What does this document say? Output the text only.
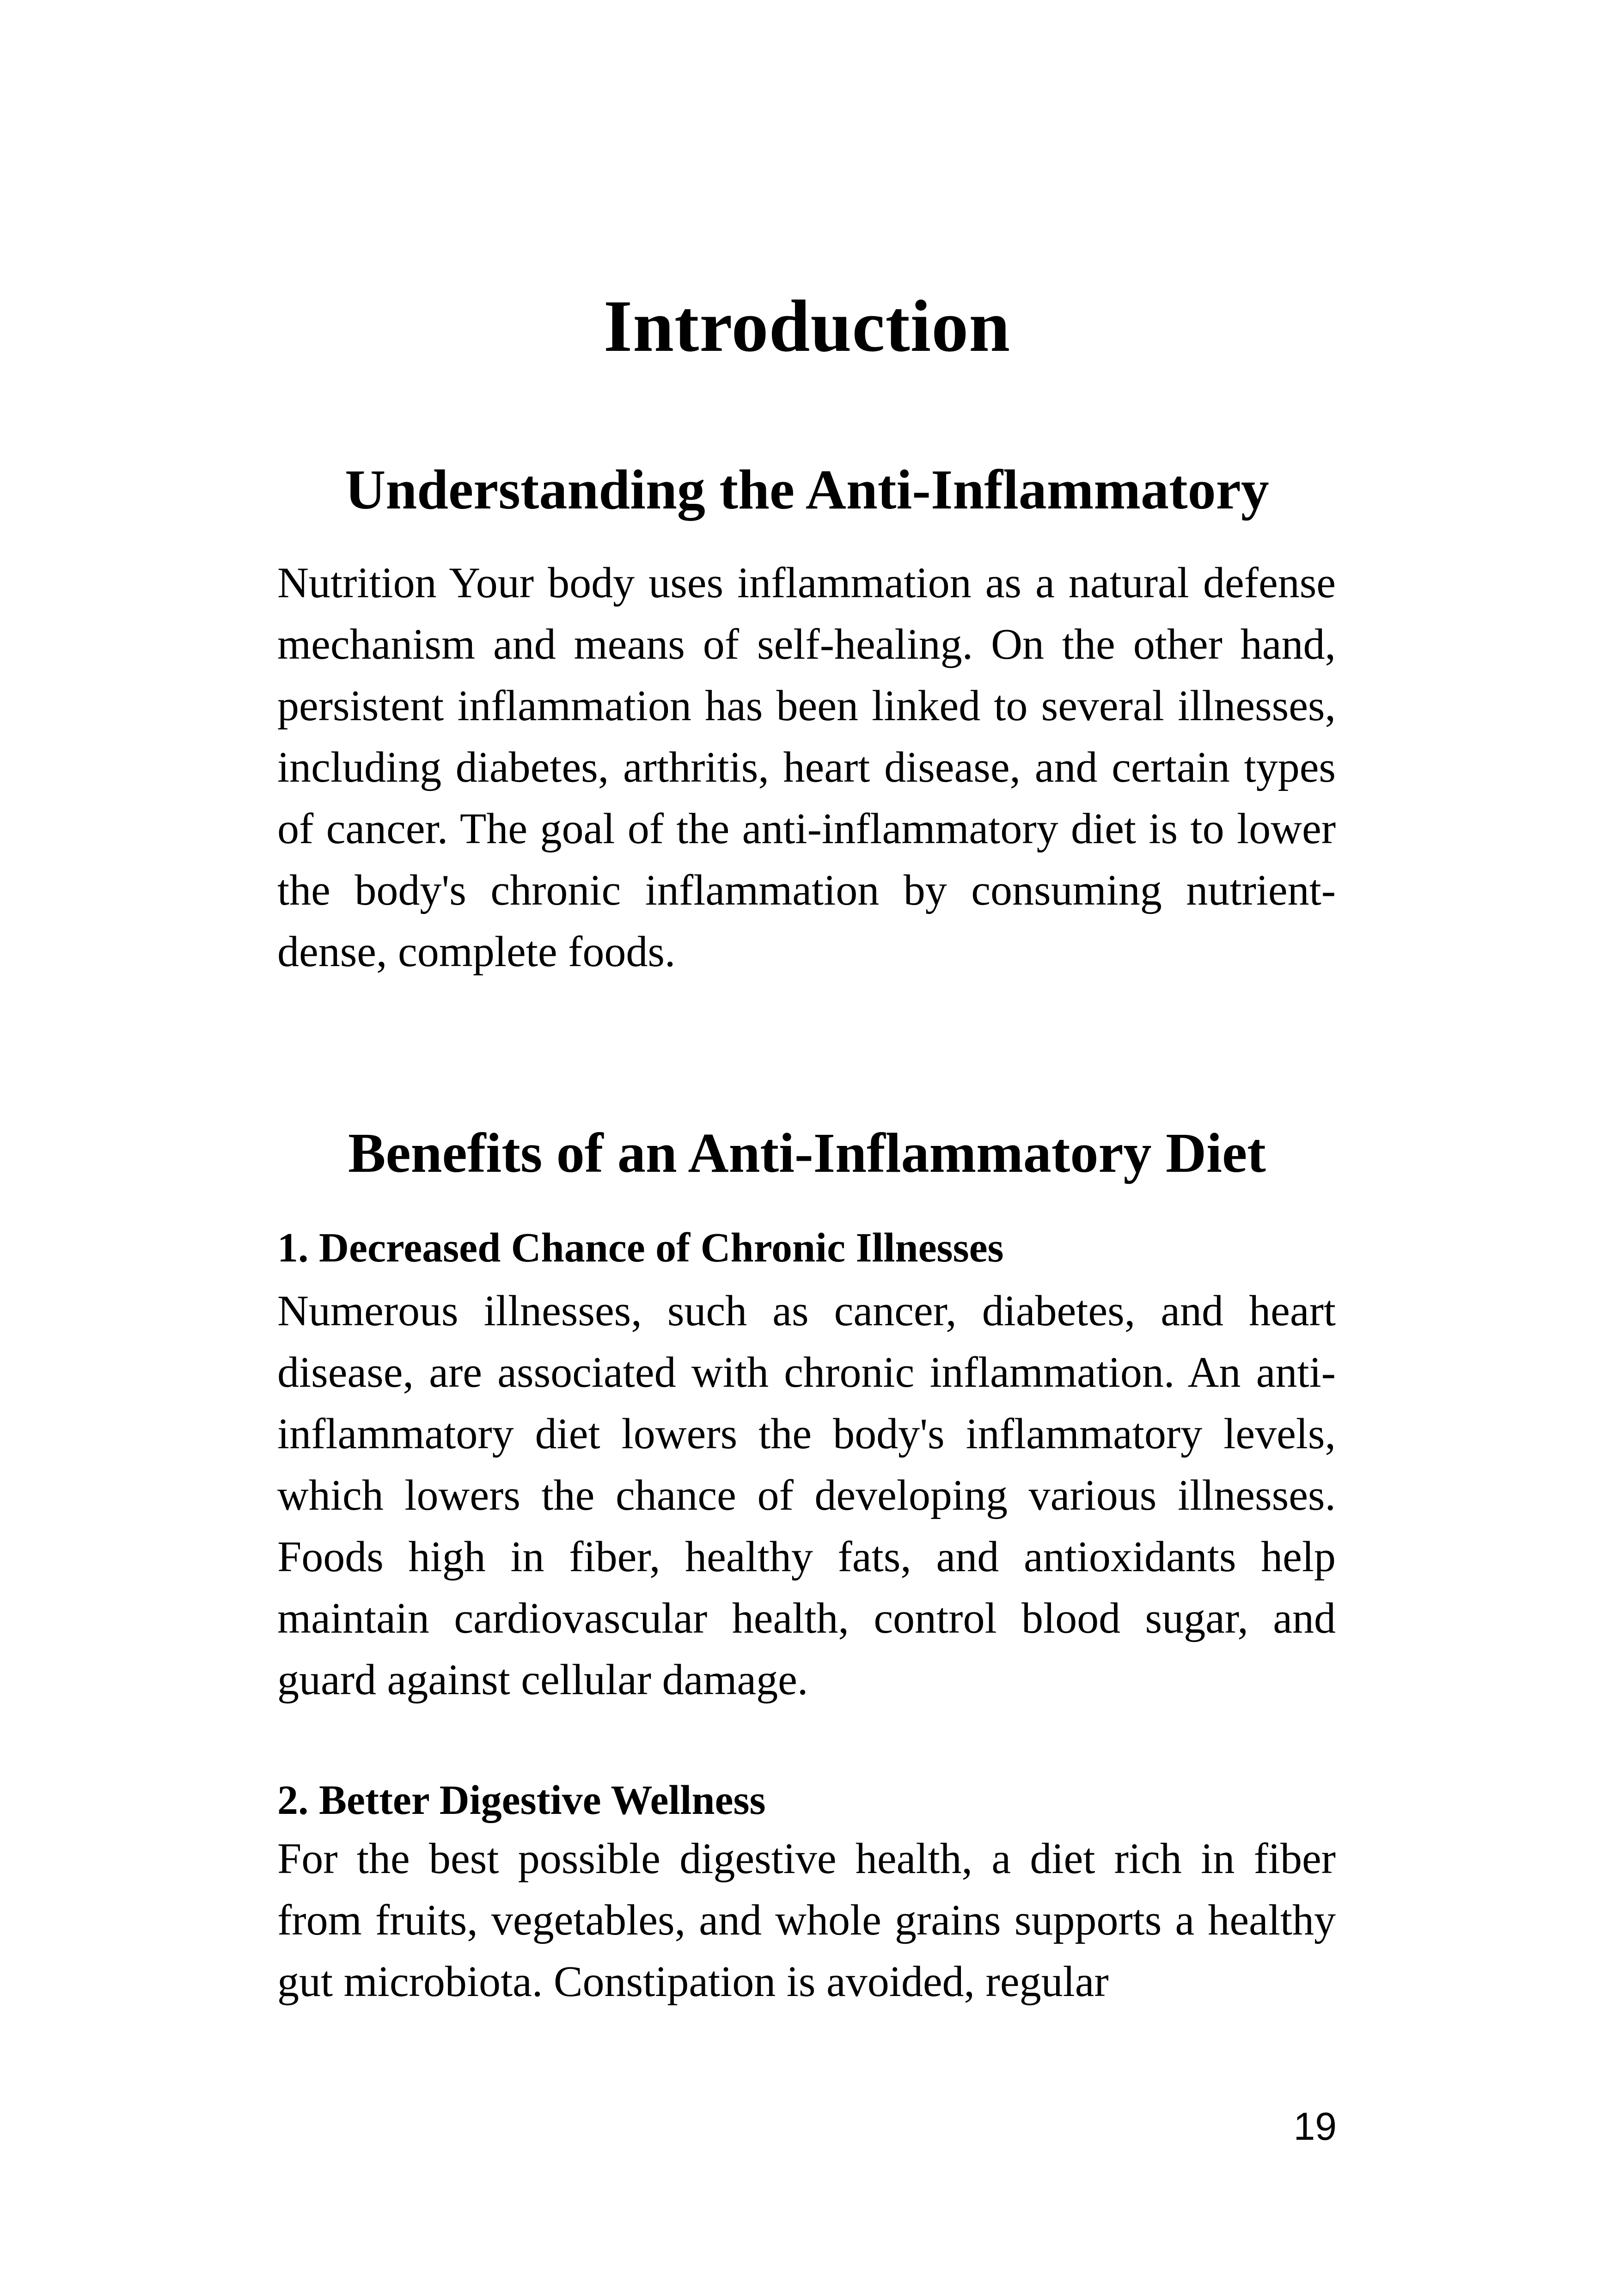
Introduction
Understanding the Anti-Inflammatory

Nutrition Your body uses inflammation as a natural defense mechanism and means of self-healing. On the other hand, persistent inflammation has been linked to several illnesses, including diabetes, arthritis, heart disease, and certain types of cancer. The goal of the anti-inflammatory diet is to lower the body's chronic inflammation by consuming nutrient-dense, complete foods.

Benefits of an Anti-Inflammatory Diet
1. Decreased Chance of Chronic Illnesses

Numerous illnesses, such as cancer, diabetes, and heart disease, are associated with chronic inflammation. An anti-inflammatory diet lowers the body's inflammatory levels, which lowers the chance of developing various illnesses. Foods high in fiber, healthy fats, and antioxidants help maintain cardiovascular health, control blood sugar, and guard against cellular damage.

2. Better Digestive Wellness

For the best possible digestive health, a diet rich in fiber from fruits, vegetables, and whole grains supports a healthy gut microbiota. Constipation is avoided, regular

19
